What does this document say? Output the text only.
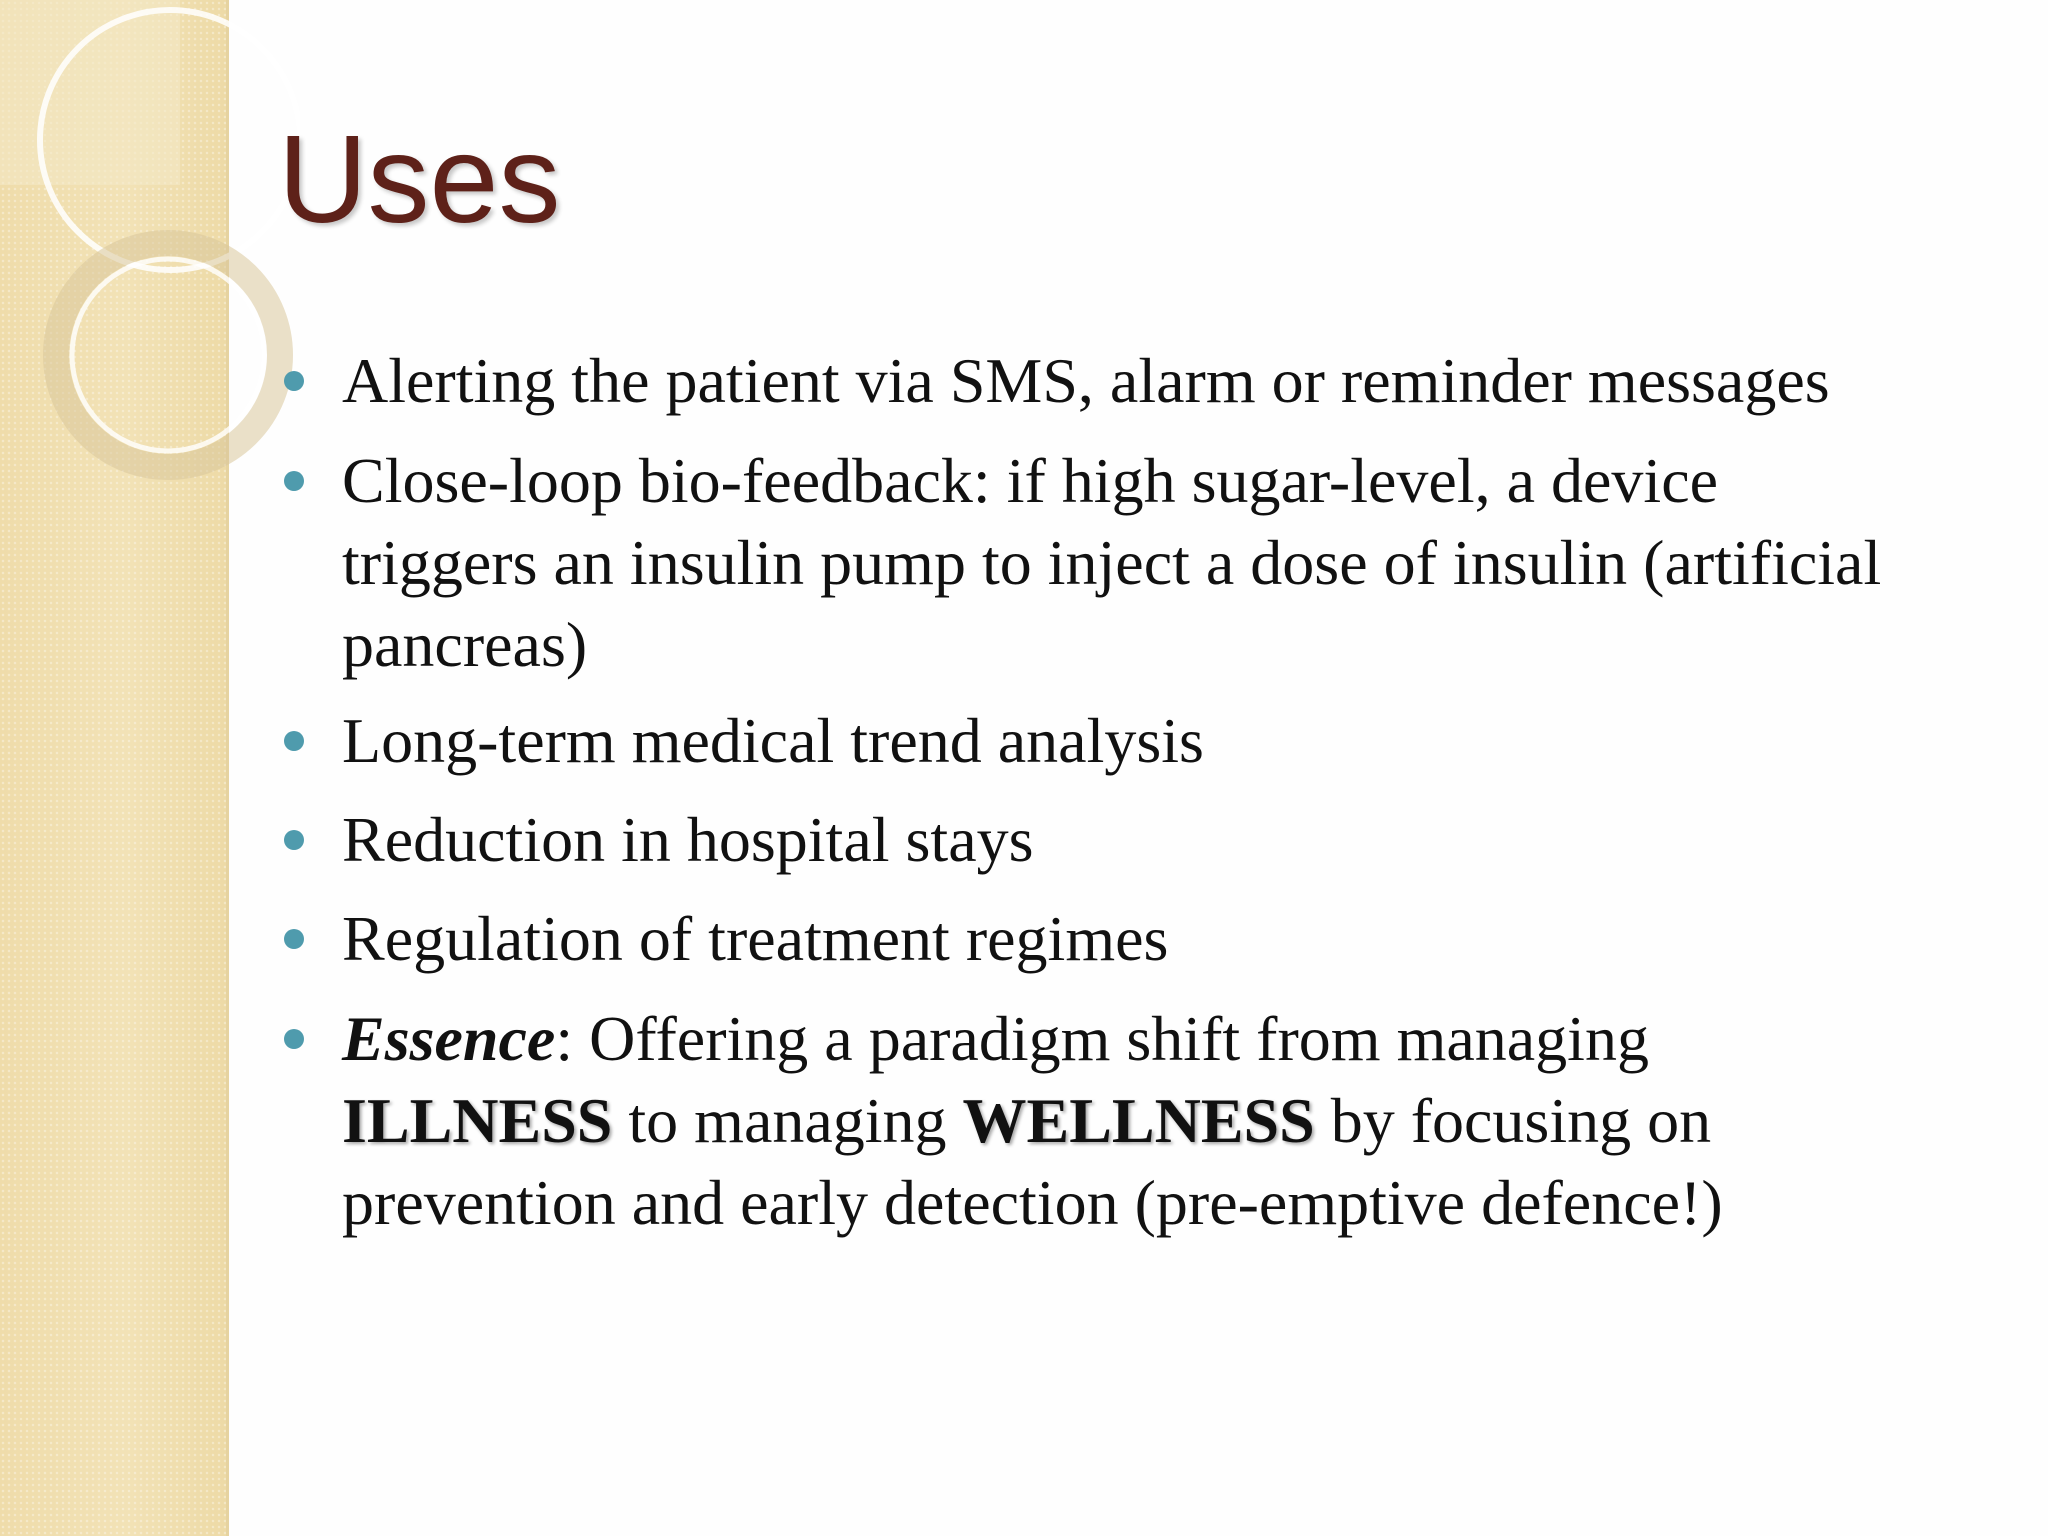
Uses
Alerting the patient via SMS, alarm or reminder messages
Close-loop bio-feedback: if high sugar-level, a device triggers an insulin pump to inject a dose of insulin (artificial pancreas)
Long-term medical trend analysis
Reduction in hospital stays
Regulation of treatment regimes
Essence: Offering a paradigm shift from managing ILLNESS to managing WELLNESS by focusing on prevention and early detection (pre-emptive defence!)
